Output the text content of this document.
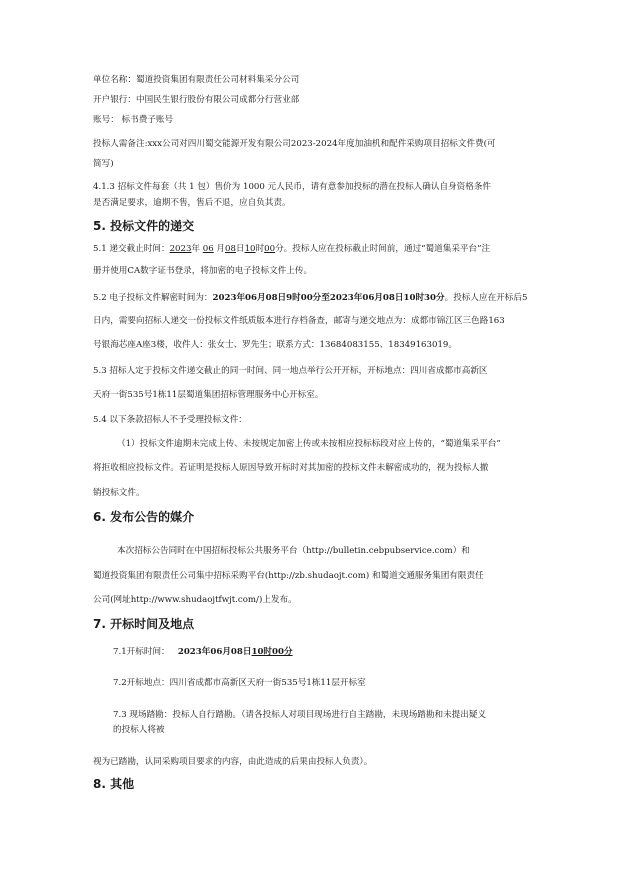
单位名称：蜀道投资集团有限责任公司材料集采分公司
开户银行：中国民生银行股份有限公司成都分行营业部
账号： 标书费子账号
投标人需备注:xxx公司对四川蜀交能源开发有限公司2023-2024年度加油机和配件采购项目招标文件费(可
简写)
4.1.3 招标文件每套（共 1 包）售价为 1000 元人民币，请有意参加投标的潜在投标人确认自身资格条件
是否满足要求，逾期不售，售后不退，应自负其责。
5. 投标文件的递交
5.1 递交截止时间：2023年 06 月08日10时00分。投标人应在投标截止时间前，通过“蜀道集采平台”注
册并使用CA数字证书登录，将加密的电子投标文件上传。
5.2 电子投标文件解密时间为：2023年06月08日9时00分至2023年06月08日10时30分。投标人应在开标后5
日内，需要向招标人递交一份投标文件纸质版本进行存档备查，邮寄与递交地点为：成都市锦江区三色路163
号银海芯座A座3楼，收件人：张女士、罗先生；联系方式：13684083155、18349163019。
5.3 招标人定于投标文件递交截止的同一时间、同一地点举行公开开标，开标地点：四川省成都市高新区
天府一街535号1栋11层蜀道集团招标管理服务中心开标室。
5.4 以下条款招标人不予受理投标文件：
（1）投标文件逾期未完成上传、未按规定加密上传或未按相应投标标段对应上传的，“蜀道集采平台”
将拒收相应投标文件。若证明是投标人原因导致开标时对其加密的投标文件未解密成功的，视为投标人撤
销投标文件。
6. 发布公告的媒介
本次招标公告同时在中国招标投标公共服务平台（http://bulletin.cebpubservice.com）和
蜀道投资集团有限责任公司集中招标采购平台(http://zb.shudaojt.com) 和蜀道交通服务集团有限责任
公司(网址http://www.shudaojtfwjt.com/)上发布。
7. 开标时间及地点
7.1开标时间： 2023年06月08日10时00分
7.2开标地点：四川省成都市高新区天府一街535号1栋11层开标室
7.3 现场踏勘：投标人自行踏勘。（请各投标人对项目现场进行自主踏勘，未现场踏勘和未提出疑义
的投标人将被
视为已踏勘，认同采购项目要求的内容，由此造成的后果由投标人负责）。
8. 其他
